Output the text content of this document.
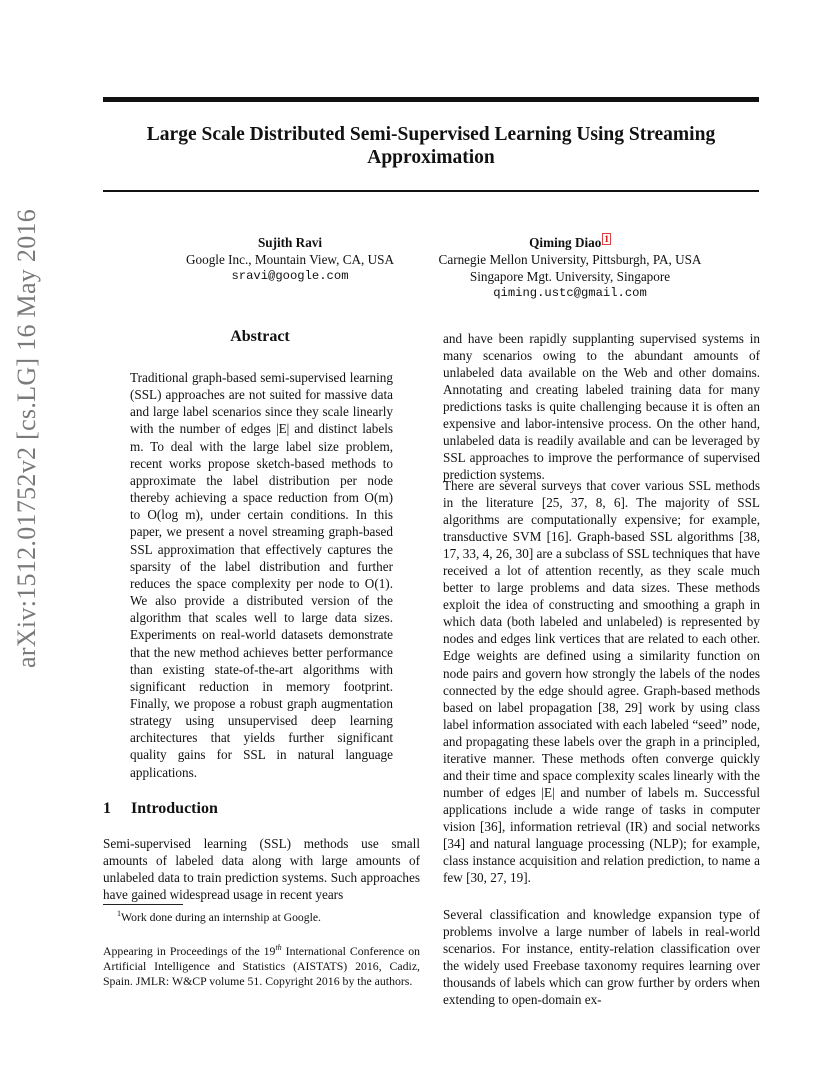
Large Scale Distributed Semi-Supervised Learning Using Streaming Approximation
arXiv:1512.01752v2 [cs.LG] 16 May 2016	Sujith Ravi
Google Inc., Mountain View, CA, USA
sravi@google.com
Qiming Diao $^1$
Carnegie Mellon University, Pittsburgh, PA, USA
Singapore Mgt. University, Singapore
qiming.ustc@gmail.com
Abstract

Traditional graph-based semi-supervised learning (SSL) approaches are not suited for massive data and large label scenarios since they scale linearly with the number of edges |E| and distinct labels m. To deal with the large label size problem, recent works propose sketch-based methods to approximate the label distribution per node thereby achieving a space reduction from O(m) to O(log m), under certain conditions. In this paper, we present a novel streaming graph-based SSL approximation that effectively captures the sparsity of the label distribution and further reduces the space complexity per node to O(1). We also provide a distributed version of the algorithm that scales well to large data sizes. Experiments on real-world datasets demonstrate that the new method achieves better performance than existing state-of-the-art algorithms with significant reduction in memory footprint. Finally, we propose a robust graph augmentation strategy using unsupervised deep learning architectures that yields further significant quality gains for SSL in natural language applications.

1 Introduction

Semi-supervised learning (SSL) methods use small amounts of labeled data along with large amounts of unlabeled data to train prediction systems. Such approaches have gained widespread usage in recent years

$^1$Work done during an internship at Google.

Appearing in Proceedings of the 19th International Conference on Artificial Intelligence and Statistics (AISTATS) 2016, Cadiz, Spain. JMLR: W&CP volume 51. Copyright 2016 by the authors.

and have been rapidly supplanting supervised systems in many scenarios owing to the abundant amounts of unlabeled data available on the Web and other domains. Annotating and creating labeled training data for many predictions tasks is quite challenging because it is often an expensive and labor-intensive process. On the other hand, unlabeled data is readily available and can be leveraged by SSL approaches to improve the performance of supervised prediction systems.

There are several surveys that cover various SSL methods in the literature [25, 37, 8, 6]. The majority of SSL algorithms are computationally expensive; for example, transductive SVM [16]. Graph-based SSL algorithms [38, 17, 33, 4, 26, 30] are a subclass of SSL techniques that have received a lot of attention recently, as they scale much better to large problems and data sizes. These methods exploit the idea of constructing and smoothing a graph in which data (both labeled and unlabeled) is represented by nodes and edges link vertices that are related to each other. Edge weights are defined using a similarity function on node pairs and govern how strongly the labels of the nodes connected by the edge should agree. Graph-based methods based on label propagation [38, 29] work by using class label information associated with each labeled “seed” node, and propagating these labels over the graph in a principled, iterative manner. These methods often converge quickly and their time and space complexity scales linearly with the number of edges |E| and number of labels m. Successful applications include a wide range of tasks in computer vision [36], information retrieval (IR) and social networks [34] and natural language processing (NLP); for example, class instance acquisition and relation prediction, to name a few [30, 27, 19].

Several classification and knowledge expansion type of problems involve a large number of labels in real-world scenarios. For instance, entity-relation classification over the widely used Freebase taxonomy requires learning over thousands of labels which can grow further by orders when extending to open-domain ex-
